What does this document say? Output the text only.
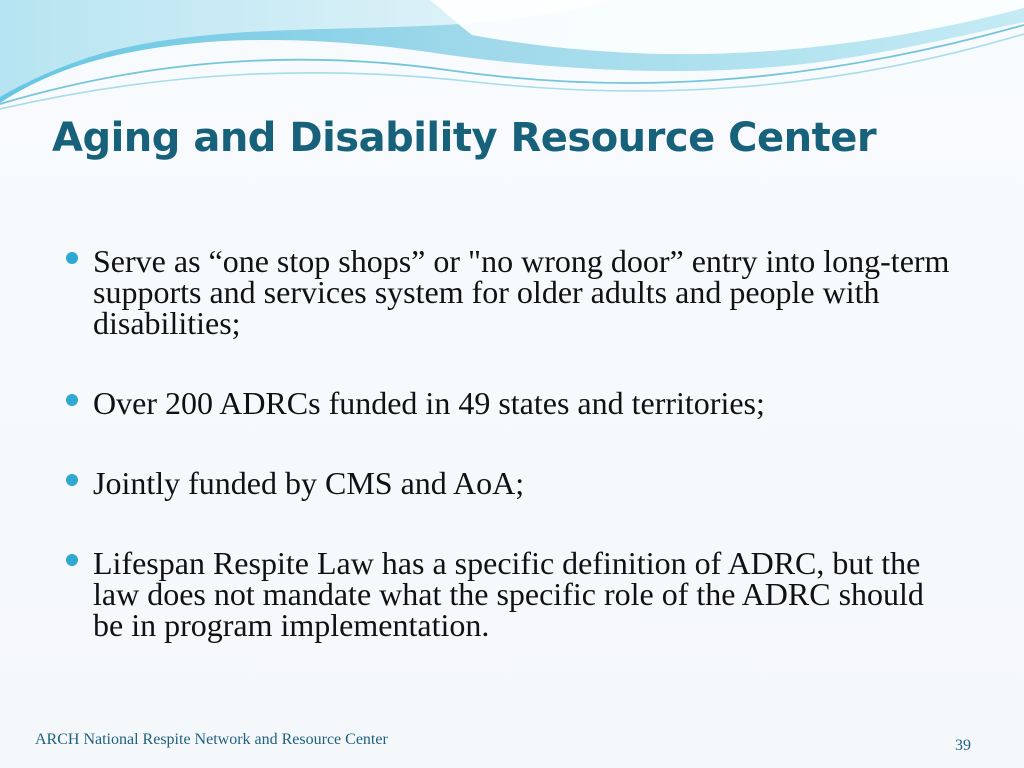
Aging and Disability Resource Center
Serve as “one stop shops” or "no wrong door” entry into long-term supports and services system for older adults and people with disabilities;
Over 200 ADRCs funded in 49 states and territories;
Jointly funded by CMS and AoA;
Lifespan Respite Law has a specific definition of ADRC, but the law does not mandate what the specific role of the ADRC should be in program implementation.
ARCH National Respite Network and Resource Center	39
